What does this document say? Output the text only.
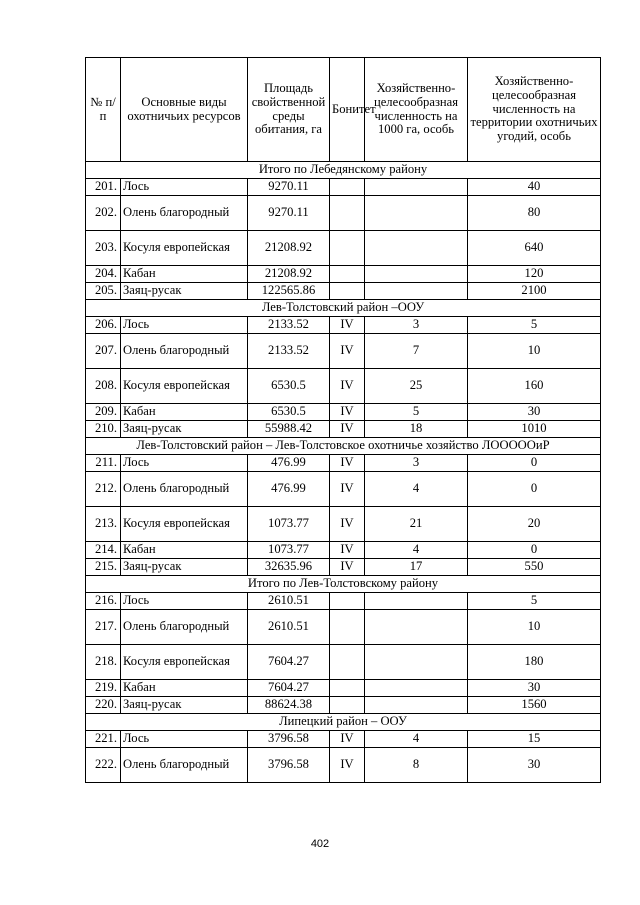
№ п/п	Основные виды охотничьих ресурсов	Площадь свойственной среды обитания, га	Бонитет	Хозяйственно-целесообразная численность на 1000 га, особь	Хозяйственно-целесообразная численность на территории охотничьих угодий, особь
Итого по Лебедянскому району					
201.	Лось	9270.11			40
202.	Олень благородный	9270.11			80
203.	Косуля европейская	21208.92			640
204.	Кабан	21208.92			120
205.	Заяц-русак	122565.86			2100
Лев-Толстовский район –ООУ					
206.	Лось	2133.52	IV	3	5
207.	Олень благородный	2133.52	IV	7	10
208.	Косуля европейская	6530.5	IV	25	160
209.	Кабан	6530.5	IV	5	30
210.	Заяц-русак	55988.42	IV	18	1010
Лев-Толстовский район – Лев-Толстовское охотничье хозяйство ЛОООООиР					
211.	Лось	476.99	IV	3	0
212.	Олень благородный	476.99	IV	4	0
213.	Косуля европейская	1073.77	IV	21	20
214.	Кабан	1073.77	IV	4	0
215.	Заяц-русак	32635.96	IV	17	550
Итого по Лев-Толстовскому району					
216.	Лось	2610.51			5
217.	Олень благородный	2610.51			10
218.	Косуля европейская	7604.27			180
219.	Кабан	7604.27			30
220.	Заяц-русак	88624.38			1560
Липецкий район – ООУ					
221.	Лось	3796.58	IV	4	15
222.	Олень благородный	3796.58	IV	8	30
402
